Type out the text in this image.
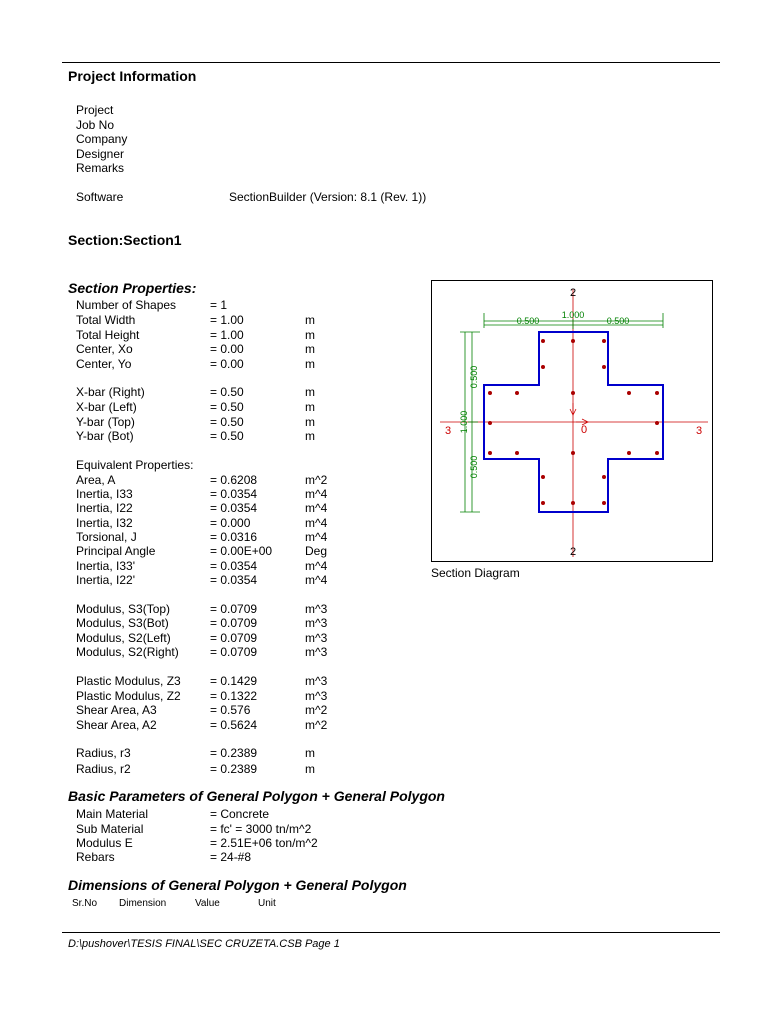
Project Information
Project
Job No
Company
Designer
Remarks
Software	SectionBuilder (Version: 8.1 (Rev. 1))
Section:Section1
Section Properties:
Number of Shapes	= 1
Total Width	= 1.00	m
Total Height	= 1.00	m
Center, Xo	= 0.00	m
Center, Yo	= 0.00	m
X-bar (Right)	= 0.50	m
X-bar (Left)	= 0.50	m
Y-bar (Top)	= 0.50	m
Y-bar (Bot)	= 0.50	m
Equivalent Properties:
Area, A	= 0.6208	m^2
Inertia, I33	= 0.0354	m^4
Inertia, I22	= 0.0354	m^4
Inertia, I32	= 0.000	m^4
Torsional, J	= 0.0316	m^4
Principal Angle	= 0.00E+00	Deg
Inertia, I33'	= 0.0354	m^4
Inertia, I22'	= 0.0354	m^4
Modulus, S3(Top)	= 0.0709	m^3
Modulus, S3(Bot)	= 0.0709	m^3
Modulus, S2(Left)	= 0.0709	m^3
Modulus, S2(Right)	= 0.0709	m^3
Plastic Modulus, Z3 = 0.1429	m^3
Plastic Modulus, Z2 = 0.1322	m^3
Shear Area, A3	= 0.576	m^2
Shear Area, A2	= 0.5624	m^2
Radius, r3	= 0.2389	m
Radius, r2	= 0.2389	m
2
2
3	3
0
1.000
0.500	0.500
1.000
0.500
0.500
Section Diagram
Basic Parameters of General Polygon + General Polygon
Main Material	= Concrete
Sub Material	= fc' = 3000 tn/m^2
Modulus E	= 2.51E+06 ton/m^2
Rebars	= 24-#8
Dimensions of General Polygon + General Polygon
Sr.No Dimension	Value	Unit
D:\pushover\TESIS FINAL\SEC CRUZETA.CSB Page 1
